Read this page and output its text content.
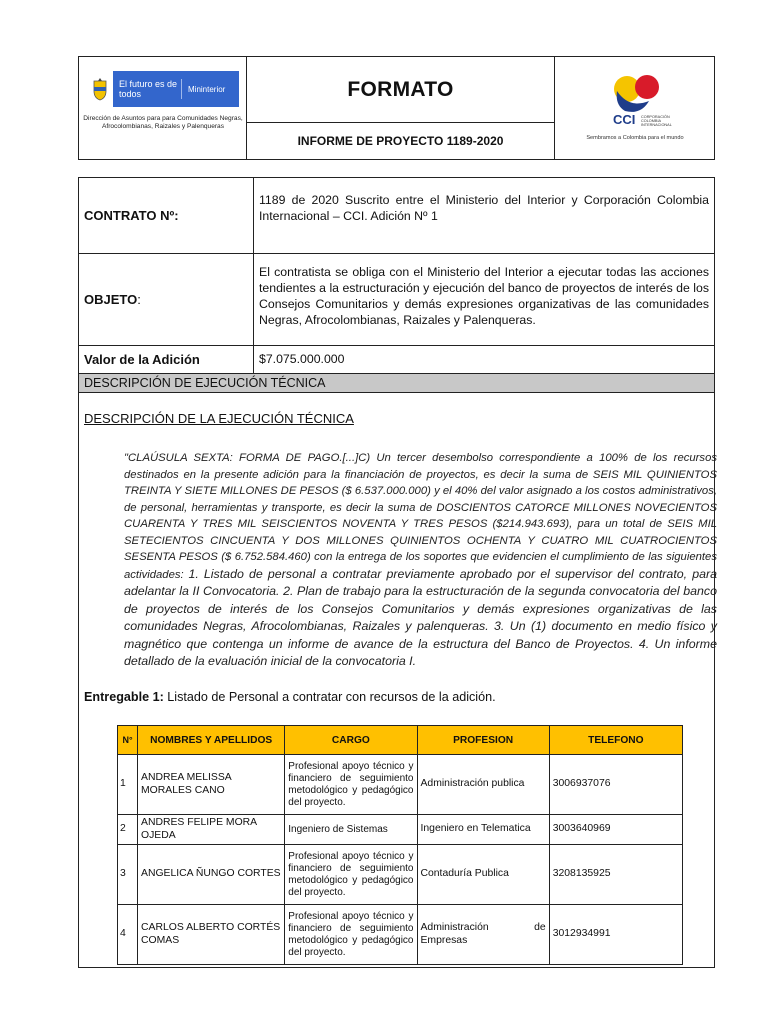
El futuro es de todos	Mininterior
Dirección de Asuntos para para Comunidades Negras, Afrocolombianas, Raizales y Palenqueras
FORMATO
INFORME DE PROYECTO 1189-2020
CCI CORPORACIÓN
COLOMBIA
INTERNACIONAL
Sembramos a Colombia para el mundo
CONTRATO Nº:
1189 de 2020 Suscrito entre el Ministerio del Interior y Corporación Colombia Internacional – CCI. Adición Nº 1
OBJETO :
El contratista se obliga con el Ministerio del Interior a ejecutar todas las acciones tendientes a la estructuración y ejecución del banco de proyectos de interés de los Consejos Comunitarios y demás expresiones organizativas de las comunidades Negras, Afrocolombianas, Raizales y Palenqueras.
Valor de la Adición	$7.075.000.000
DESCRIPCIÓN DE EJECUCIÓN TÉCNICA
DESCRIPCIÓN DE LA EJECUCIÓN TÉCNICA
"CLAÚSULA SEXTA: FORMA DE PAGO.[...]C) Un tercer desembolso correspondiente a 100% de los recursos destinados en la presente adición para la financiación de proyectos, es decir la suma de SEIS MIL QUINIENTOS TREINTA Y SIETE MILLONES DE PESOS ($ 6.537.000.000) y el 40% del valor asignado a los costos administrativos, de personal, herramientas y transporte, es decir la suma de DOSCIENTOS CATORCE MILLONES NOVECIENTOS CUARENTA Y TRES MIL SEISCIENTOS NOVENTA Y TRES PESOS ($214.943.693), para un total de SEIS MIL SETECIENTOS CINCUENTA Y DOS MILLONES QUINIENTOS OCHENTA Y CUATRO MIL CUATROCIENTOS SESENTA PESOS ($ 6.752.584.460) con la entrega de los soportes que evidencien el cumplimiento de las siguientes actividades: 1. Listado de personal a contratar previamente aprobado por el supervisor del contrato, para adelantar la II Convocatoria. 2. Plan de trabajo para la estructuración de la segunda convocatoria del banco de proyectos de interés de los Consejos Comunitarios y demás expresiones organizativas de las comunidades Negras, Afrocolombianas, Raizales y palenqueras. 3. Un (1) documento en medio físico y magnético que contenga un informe de avance de la estructura del Banco de Proyectos. 4. Un informe detallado de la evaluación inicial de la convocatoria I.
Entregable 1: Listado de Personal a contratar con recursos de la adición.
N°	NOMBRES Y APELLIDOS	CARGO	PROFESION	TELEFONO
1	ANDREA MELISSA MORALES CANO	Profesional apoyo técnico y financiero de seguimiento metodológico y pedagógico del proyecto.	Administración publica	3006937076
2	ANDRES FELIPE MORA OJEDA	Ingeniero de Sistemas	Ingeniero en Telematica	3003640969
3	ANGELICA ÑUNGO CORTES	Profesional apoyo técnico y financiero de seguimiento metodológico y pedagógico del proyecto.	Contaduría Publica	3208135925
4	CARLOS ALBERTO CORTÉS COMAS	Profesional apoyo técnico y financiero de seguimiento metodológico y pedagógico del proyecto.	Administración de Empresas	3012934991
